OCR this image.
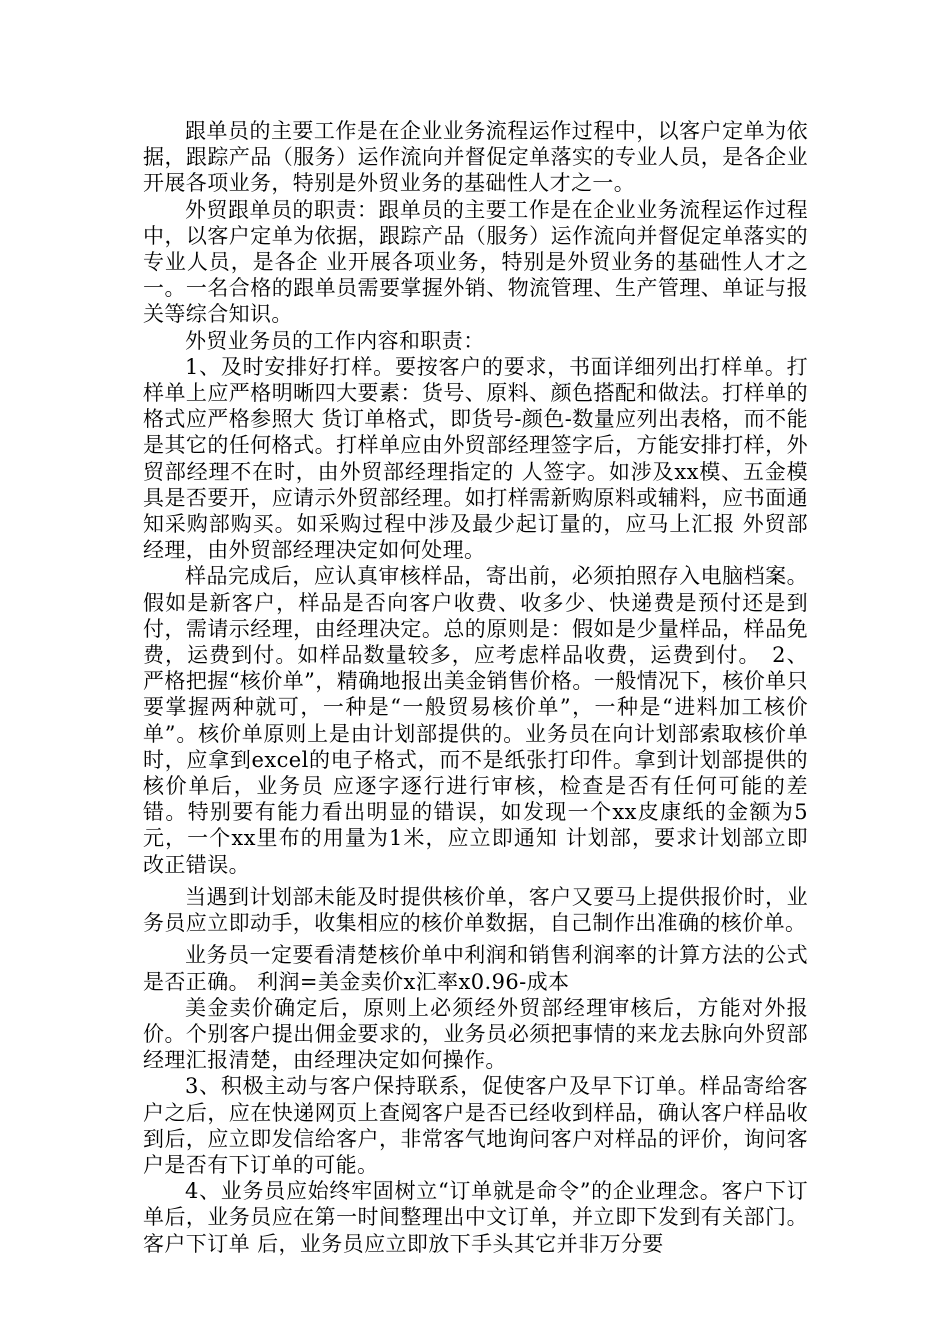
跟单员的主要工作是在企业业务流程运作过程中，以客户定单为依据，跟踪产品（服务）运作流向并督促定单落实的专业人员，是各企业开展各项业务，特别是外贸业务的基础性人才之一。

外贸跟单员的职责：跟单员的主要工作是在企业业务流程运作过程中，以客户定单为依据，跟踪产品（服务）运作流向并督促定单落实的专业人员，是各企 业开展各项业务，特别是外贸业务的基础性人才之一。一名合格的跟单员需要掌握外销、物流管理、生产管理、单证与报关等综合知识。

外贸业务员的工作内容和职责：

1、及时安排好打样。要按客户的要求，书面详细列出打样单。打样单上应严格明晰四大要素：货号、原料、颜色搭配和做法。打样单的格式应严格参照大 货订单格式，即货号-颜色-数量应列出表格，而不能是其它的任何格式。打样单应由外贸部经理签字后，方能安排打样，外贸部经理不在时，由外贸部经理指定的 人签字。如涉及xx模、五金模具是否要开，应请示外贸部经理。如打样需新购原料或辅料，应书面通知采购部购买。如采购过程中涉及最少起订量的，应马上汇报 外贸部经理，由外贸部经理决定如何处理。

样品完成后，应认真审核样品，寄出前，必须拍照存入电脑档案。假如是新客户，样品是否向客户收费、收多少、快递费是预付还是到付，需请示经理，由经理决定。总的原则是：假如是少量样品，样品免费，运费到付。如样品数量较多，应考虑样品收费，运费到付。　2、严格把握“核价单”，精确地报出美金销售价格。一般情况下，核价单只要掌握两种就可，一种是“一般贸易核价单”，一种是“进料加工核价 单”。核价单原则上是由计划部提供的。业务员在向计划部索取核价单时，应拿到excel的电子格式，而不是纸张打印件。拿到计划部提供的核价单后，业务员 应逐字逐行进行审核，检查是否有任何可能的差错。特别要有能力看出明显的错误，如发现一个xx皮康纸的金额为5元，一个xx里布的用量为1米，应立即通知 计划部，要求计划部立即改正错误。

当遇到计划部未能及时提供核价单，客户又要马上提供报价时，业务员应立即动手，收集相应的核价单数据，自己制作出准确的核价单。

业务员一定要看清楚核价单中利润和销售利润率的计算方法的公式是否正确。 利润=美金卖价x汇率x0.96-成本

美金卖价确定后，原则上必须经外贸部经理审核后，方能对外报价。个别客户提出佣金要求的，业务员必须把事情的来龙去脉向外贸部经理汇报清楚，由经理决定如何操作。

3、积极主动与客户保持联系，促使客户及早下订单。样品寄给客户之后，应在快递网页上查阅客户是否已经收到样品，确认客户样品收到后，应立即发信给客户，非常客气地询问客户对样品的评价，询问客户是否有下订单的可能。

4、业务员应始终牢固树立“订单就是命令”的企业理念。客户下订单后，业务员应在第一时间整理出中文订单，并立即下发到有关部门。客户下订单 后，业务员应立即放下手头其它并非万分要
